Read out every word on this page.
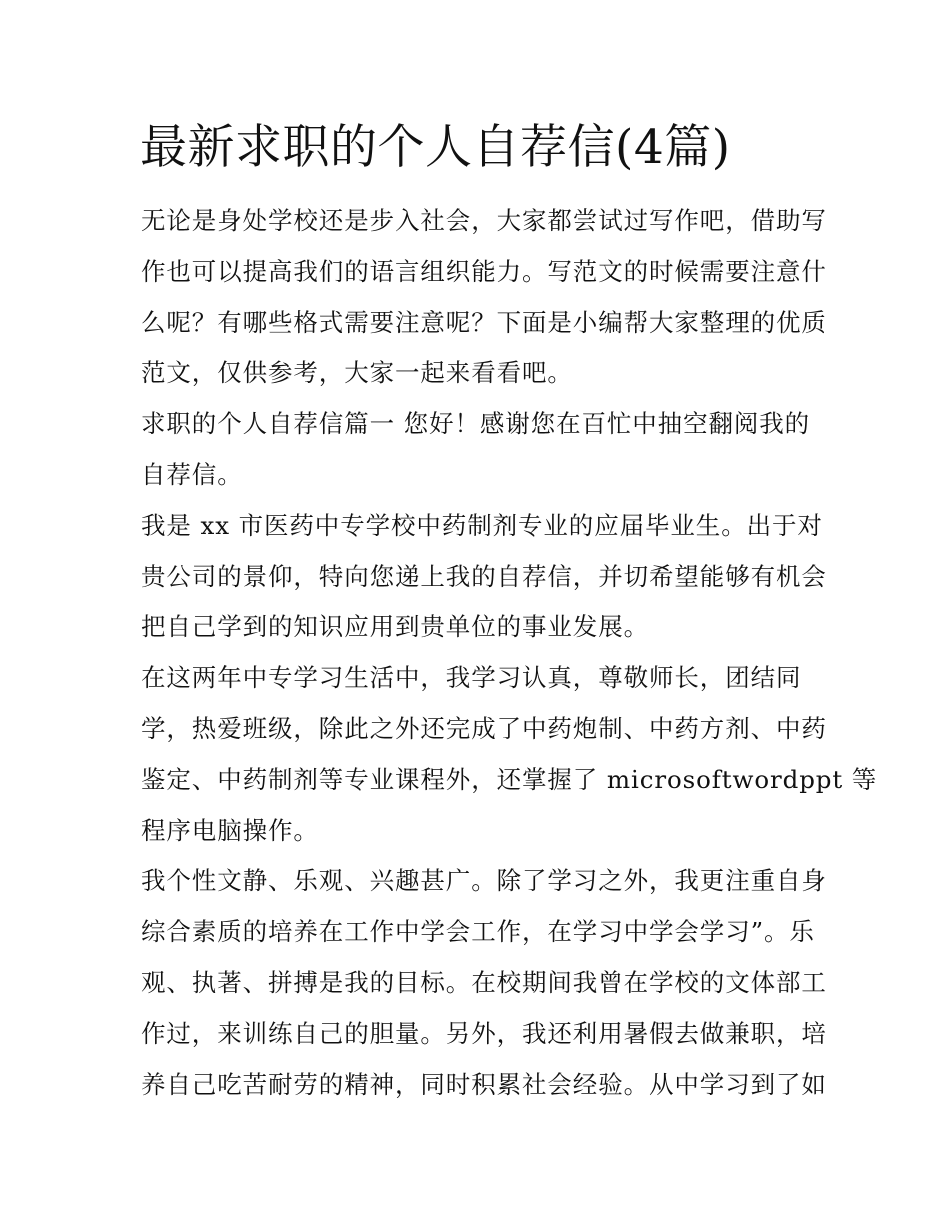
最新求职的个人自荐信(4篇)
无论是身处学校还是步入社会，大家都尝试过写作吧，借助写
作也可以提高我们的语言组织能力。写范文的时候需要注意什
么呢？有哪些格式需要注意呢？下面是小编帮大家整理的优质
范文，仅供参考，大家一起来看看吧。
求职的个人自荐信篇一 您好！感谢您在百忙中抽空翻阅我的
自荐信。
我是 xx 市医药中专学校中药制剂专业的应届毕业生。出于对
贵公司的景仰，特向您递上我的自荐信，并切希望能够有机会
把自己学到的知识应用到贵单位的事业发展。
在这两年中专学习生活中，我学习认真，尊敬师长，团结同
学，热爱班级，除此之外还完成了中药炮制、中药方剂、中药
鉴定、中药制剂等专业课程外，还掌握了 microsoftwordppt 等
程序电脑操作。
我个性文静、乐观、兴趣甚广。除了学习之外，我更注重自身
综合素质的培养在工作中学会工作，在学习中学会学习”。乐
观、执著、拼搏是我的目标。在校期间我曾在学校的文体部工
作过，来训练自己的胆量。另外，我还利用暑假去做兼职，培
养自己吃苦耐劳的精神，同时积累社会经验。从中学习到了如
